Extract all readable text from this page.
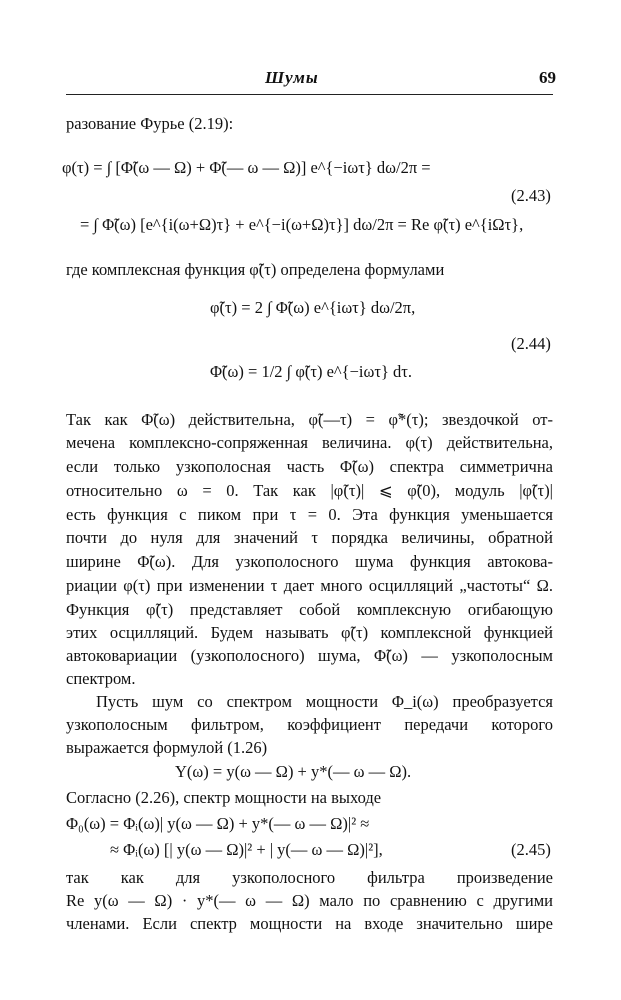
Шумы	69
разование Фурье (2.19):
φ(τ) = ∫ [Φ̃(ω — Ω) + Φ̃(— ω — Ω)] e^{−iωτ} dω/2π =
(2.43)
= ∫ Φ̃(ω) [e^{i(ω+Ω)τ} + e^{−i(ω+Ω)τ}] dω/2π = Re φ̃(τ) e^{iΩτ},
где комплексная функция φ̃(τ) определена формулами
φ̃(τ) = 2 ∫ Φ̃(ω) e^{iωτ} dω/2π,
(2.44)
Φ̃(ω) = 1/2 ∫ φ̃(τ) e^{−iωτ} dτ.
Так как Φ̃(ω) действительна, φ̃(—τ) = φ̃*(τ); звездочкой от-
мечена комплексно-сопряженная величина. φ(τ) действительна,
если только узкополосная часть Φ̃(ω) спектра симметрична
относительно ω = 0. Так как |φ̃(τ)| ⩽ φ̃(0), модуль |φ̃(τ)|
есть функция с пиком при τ = 0. Эта функция уменьшается
почти до нуля для значений τ порядка величины, обратной
ширине Φ̃(ω). Для узкополосного шума функция автокова-
риации φ(τ) при изменении τ дает много осцилляций „частоты“ Ω.
Функция φ̃(τ) представляет собой комплексную огибающую
этих осцилляций. Будем называть φ̃(τ) комплексной функцией
автоковариации (узкополосного) шума, Φ̃(ω) — узкополосным
спектром.
Пусть шум со спектром мощности Φ_i(ω) преобразуется
узкополосным фильтром, коэффициент передачи которого
выражается формулой (1.26)
Y(ω) = y(ω — Ω) + y*(— ω — Ω).
Согласно (2.26), спектр мощности на выходе
Φ₀(ω) = Φᵢ(ω)| y(ω — Ω) + y*(— ω — Ω)|² ≈
≈ Φᵢ(ω) [| y(ω — Ω)|² + | y(— ω — Ω)|²],	(2.45)
так как для узкополосного фильтра произведение
Re y(ω — Ω) · y*(— ω — Ω) мало по сравнению с другими
членами. Если спектр мощности на входе значительно шире
